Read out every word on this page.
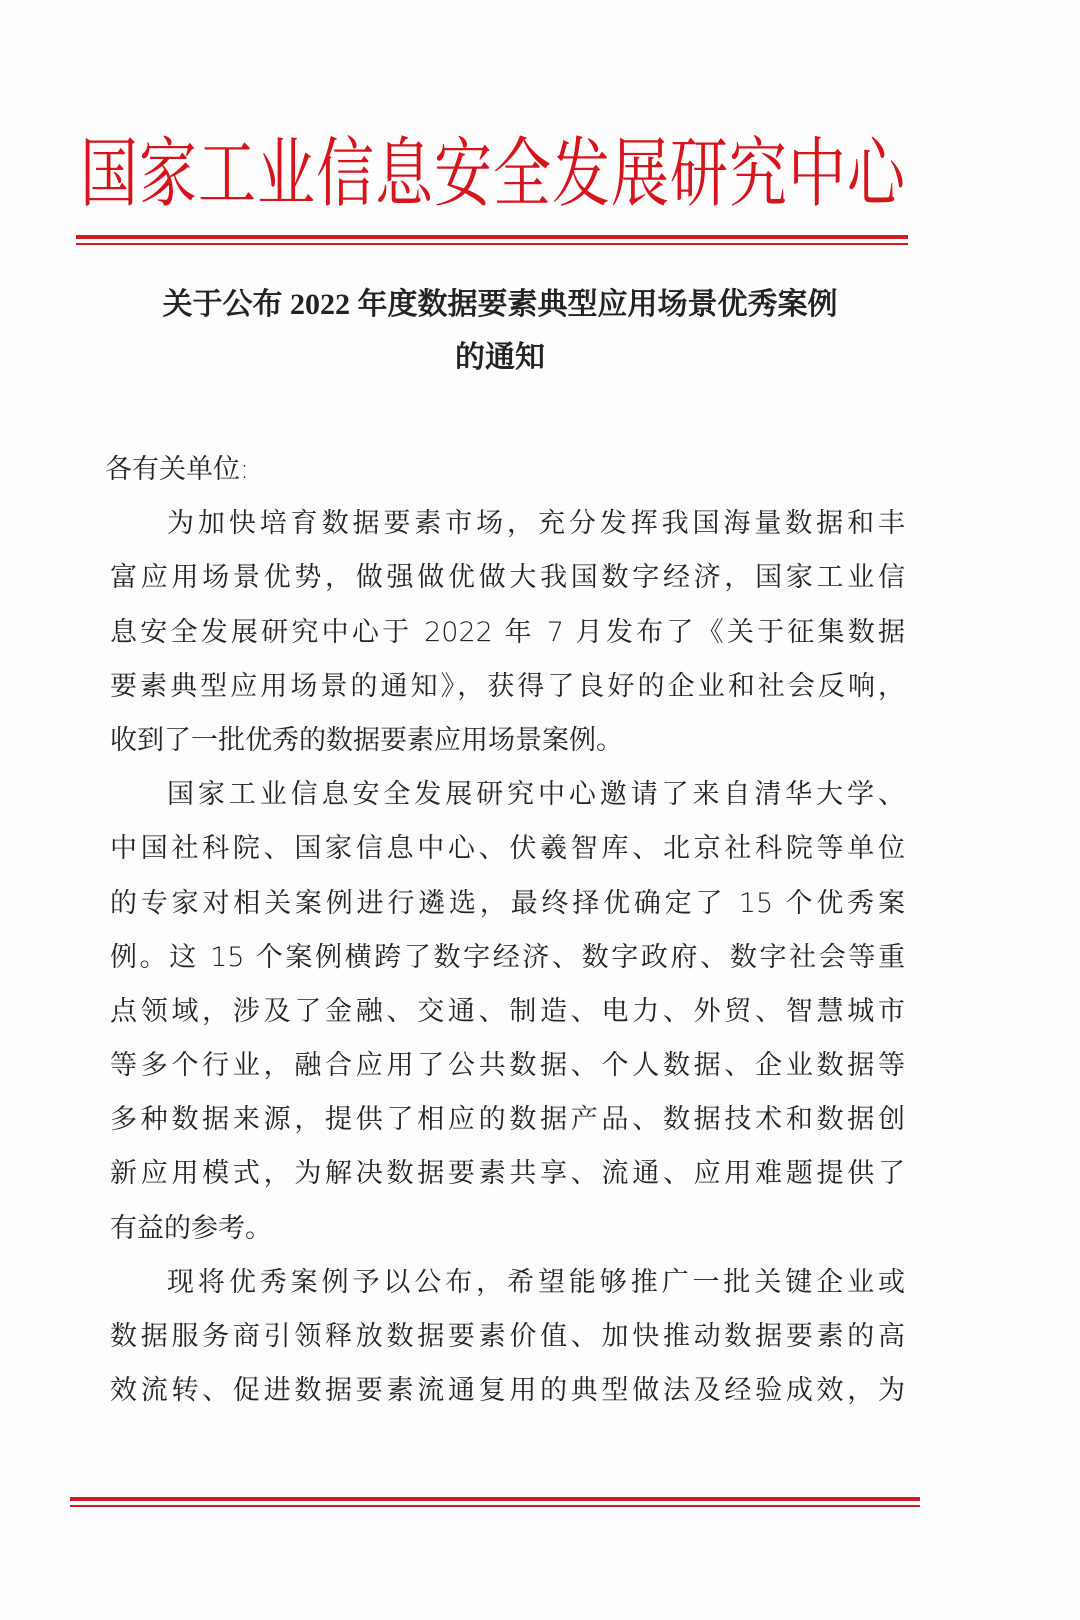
国家工业信息安全发展研究中心
关于公布 2022 年度数据要素典型应用场景优秀案例
的通知
各有关单位:
为加快培育数据要素市场，充分发挥我国海量数据和丰
富应用场景优势，做强做优做大我国数字经济，国家工业信
息安全发展研究中心于 2022 年 7 月发布了《关于征集数据
要素典型应用场景的通知》，获得了良好的企业和社会反响，
收到了一批优秀的数据要素应用场景案例。
国家工业信息安全发展研究中心邀请了来自清华大学、
中国社科院、国家信息中心、伏羲智库、北京社科院等单位
的专家对相关案例进行遴选，最终择优确定了 15 个优秀案
例。这 15 个案例横跨了数字经济、数字政府、数字社会等重
点领域，涉及了金融、交通、制造、电力、外贸、智慧城市
等多个行业，融合应用了公共数据、个人数据、企业数据等
多种数据来源，提供了相应的数据产品、数据技术和数据创
新应用模式，为解决数据要素共享、流通、应用难题提供了
有益的参考。
现将优秀案例予以公布，希望能够推广一批关键企业或
数据服务商引领释放数据要素价值、加快推动数据要素的高
效流转、促进数据要素流通复用的典型做法及经验成效，为
